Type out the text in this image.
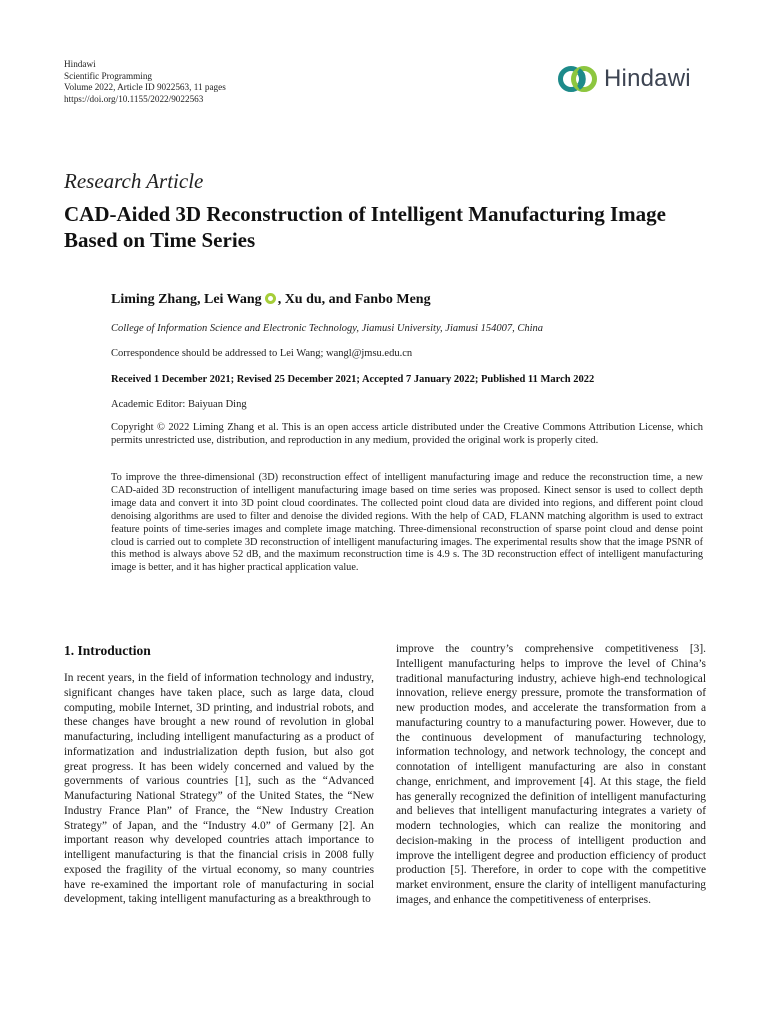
Hindawi
Scientific Programming
Volume 2022, Article ID 9022563, 11 pages
https://doi.org/10.1155/2022/9022563
Hindawi
Research Article
CAD-Aided 3D Reconstruction of Intelligent Manufacturing Image Based on Time Series
Liming Zhang, Lei Wang , Xu du, and Fanbo Meng
College of Information Science and Electronic Technology, Jiamusi University, Jiamusi 154007, China
Correspondence should be addressed to Lei Wang; wangl@jmsu.edu.cn
Received 1 December 2021; Revised 25 December 2021; Accepted 7 January 2022; Published 11 March 2022
Academic Editor: Baiyuan Ding
Copyright © 2022 Liming Zhang et al. This is an open access article distributed under the Creative Commons Attribution License, which permits unrestricted use, distribution, and reproduction in any medium, provided the original work is properly cited.
To improve the three-dimensional (3D) reconstruction effect of intelligent manufacturing image and reduce the reconstruction time, a new CAD-aided 3D reconstruction of intelligent manufacturing image based on time series was proposed. Kinect sensor is used to collect depth image data and convert it into 3D point cloud coordinates. The collected point cloud data are divided into regions, and different point cloud denoising algorithms are used to filter and denoise the divided regions. With the help of CAD, FLANN matching algorithm is used to extract feature points of time-series images and complete image matching. Three-dimensional reconstruction of sparse point cloud and dense point cloud is carried out to complete 3D reconstruction of intelligent manufacturing images. The experimental results show that the image PSNR of this method is always above 52 dB, and the maximum reconstruction time is 4.9 s. The 3D reconstruction effect of intelligent manufacturing image is better, and it has higher practical application value.
1. Introduction
In recent years, in the field of information technology and industry, significant changes have taken place, such as large data, cloud computing, mobile Internet, 3D printing, and industrial robots, and these changes have brought a new round of revolution in global manufacturing, including intelligent manufacturing as a product of informatization and industrialization depth fusion, but also got great progress. It has been widely concerned and valued by the governments of various countries [1], such as the “Advanced Manufacturing National Strategy” of the United States, the “New Industry France Plan” of France, the “New Industry Creation Strategy” of Japan, and the “Industry 4.0” of Germany [2]. An important reason why developed countries attach importance to intelligent manufacturing is that the financial crisis in 2008 fully exposed the fragility of the virtual economy, so many countries have re-examined the important role of manufacturing in social development, taking intelligent manufacturing as a breakthrough to
improve the country’s comprehensive competitiveness [3]. Intelligent manufacturing helps to improve the level of China’s traditional manufacturing industry, achieve high-end technological innovation, relieve energy pressure, promote the transformation of new production modes, and accelerate the transformation from a manufacturing country to a manufacturing power. However, due to the continuous development of manufacturing technology, information technology, and network technology, the concept and connotation of intelligent manufacturing are also in constant change, enrichment, and improvement [4]. At this stage, the field has generally recognized the definition of intelligent manufacturing and believes that intelligent manufacturing integrates a variety of modern technologies, which can realize the monitoring and decision-making in the process of intelligent production and improve the intelligent degree and production efficiency of product production [5]. Therefore, in order to cope with the competitive market environment, ensure the clarity of intelligent manufacturing images, and enhance the competitiveness of enterprises.
